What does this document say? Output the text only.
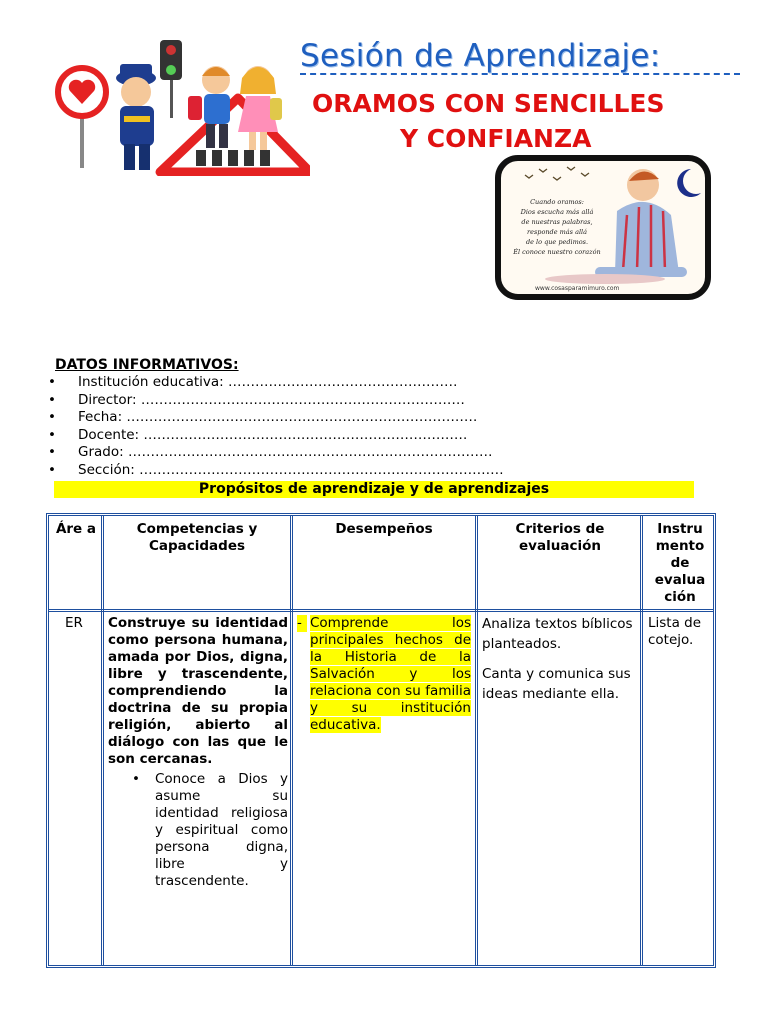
Sesión de Aprendizaje:
ORAMOS CON SENCILLES
Y CONFIANZA
Cuando oramos:
Dios escucha más allá
de nuestras palabras,
responde más allá
de lo que pedimos.
Él conoce nuestro corazón
www.cosasparamimuro.com
DATOS INFORMATIVOS:
• Institución educativa: ……………………………………………
• Director: ………………………………………………………………
• Fecha: ……………………………………………………………………
• Docente: ………………………………………………………………
• Grado: ………………………………………………………………………
• Sección: ………………………………………………………………………
Propósitos de aprendizaje y de aprendizajes
Áre a	Competencias y Capacidades
Desempeños	Criterios de evaluación
Instru mento de evalua ción
ER Construye su identidad como persona humana, amada por Dios, digna, libre y trascendente, comprendiendo la doctrina de su propia religión, abierto al diálogo con las que le son cercanas.
• Conoce a Dios y asume su identidad religiosa y espiritual como persona digna, libre y trascendente.
- Comprende los principales hechos de la Historia de la Salvación y los relaciona con su familia y su institución educativa.
Analiza textos bíblicos planteados.
Canta y comunica sus ideas mediante ella.
Lista de cotejo.
